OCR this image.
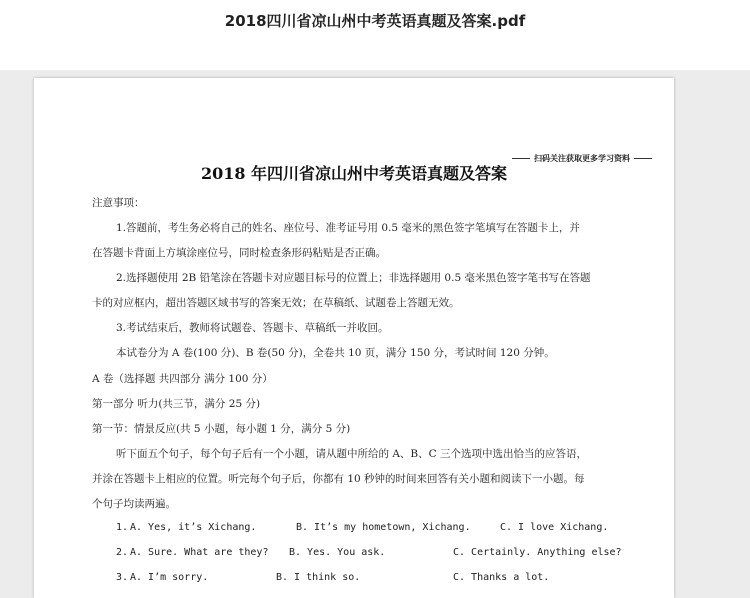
2018四川省凉山州中考英语真题及答案.pdf
扫码关注获取更多学习资料
2018 年四川省凉山州中考英语真题及答案
注意事项：
1.答题前，考生务必将自己的姓名、座位号、准考证号用 0.5 毫米的黑色签字笔填写在答题卡上，并
在答题卡背面上方填涂座位号，同时检查条形码粘贴是否正确。
2.选择题使用 2B 铅笔涂在答题卡对应题目标号的位置上；非选择题用 0.5 毫米黑色签字笔书写在答题
卡的对应框内，超出答题区域书写的答案无效；在草稿纸、试题卷上答题无效。
3.考试结束后，教师将试题卷、答题卡、草稿纸一并收回。
本试卷分为 A 卷(100 分)、B 卷(50 分)，全卷共 10 页，满分 150 分，考试时间 120 分钟。
A 卷（选择题 共四部分 满分 100 分）
第一部分 听力(共三节，满分 25 分)
第一节：情景反应(共 5 小题，每小题 1 分，满分 5 分)
听下面五个句子，每个句子后有一个小题，请从题中所给的 A、B、C 三个选项中选出恰当的应答语，
并涂在答题卡上相应的位置。听完每个句子后，你都有 10 秒钟的时间来回答有关小题和阅读下一小题。每
个句子均读两遍。
1. A. Yes, it’s Xichang.	B. It’s my hometown, Xichang.	C. I love Xichang.
2. A. Sure. What are they? B. Yes. You ask.	C. Certainly. Anything else?
3. A. I’m sorry.	B. I think so.	C. Thanks a lot.
